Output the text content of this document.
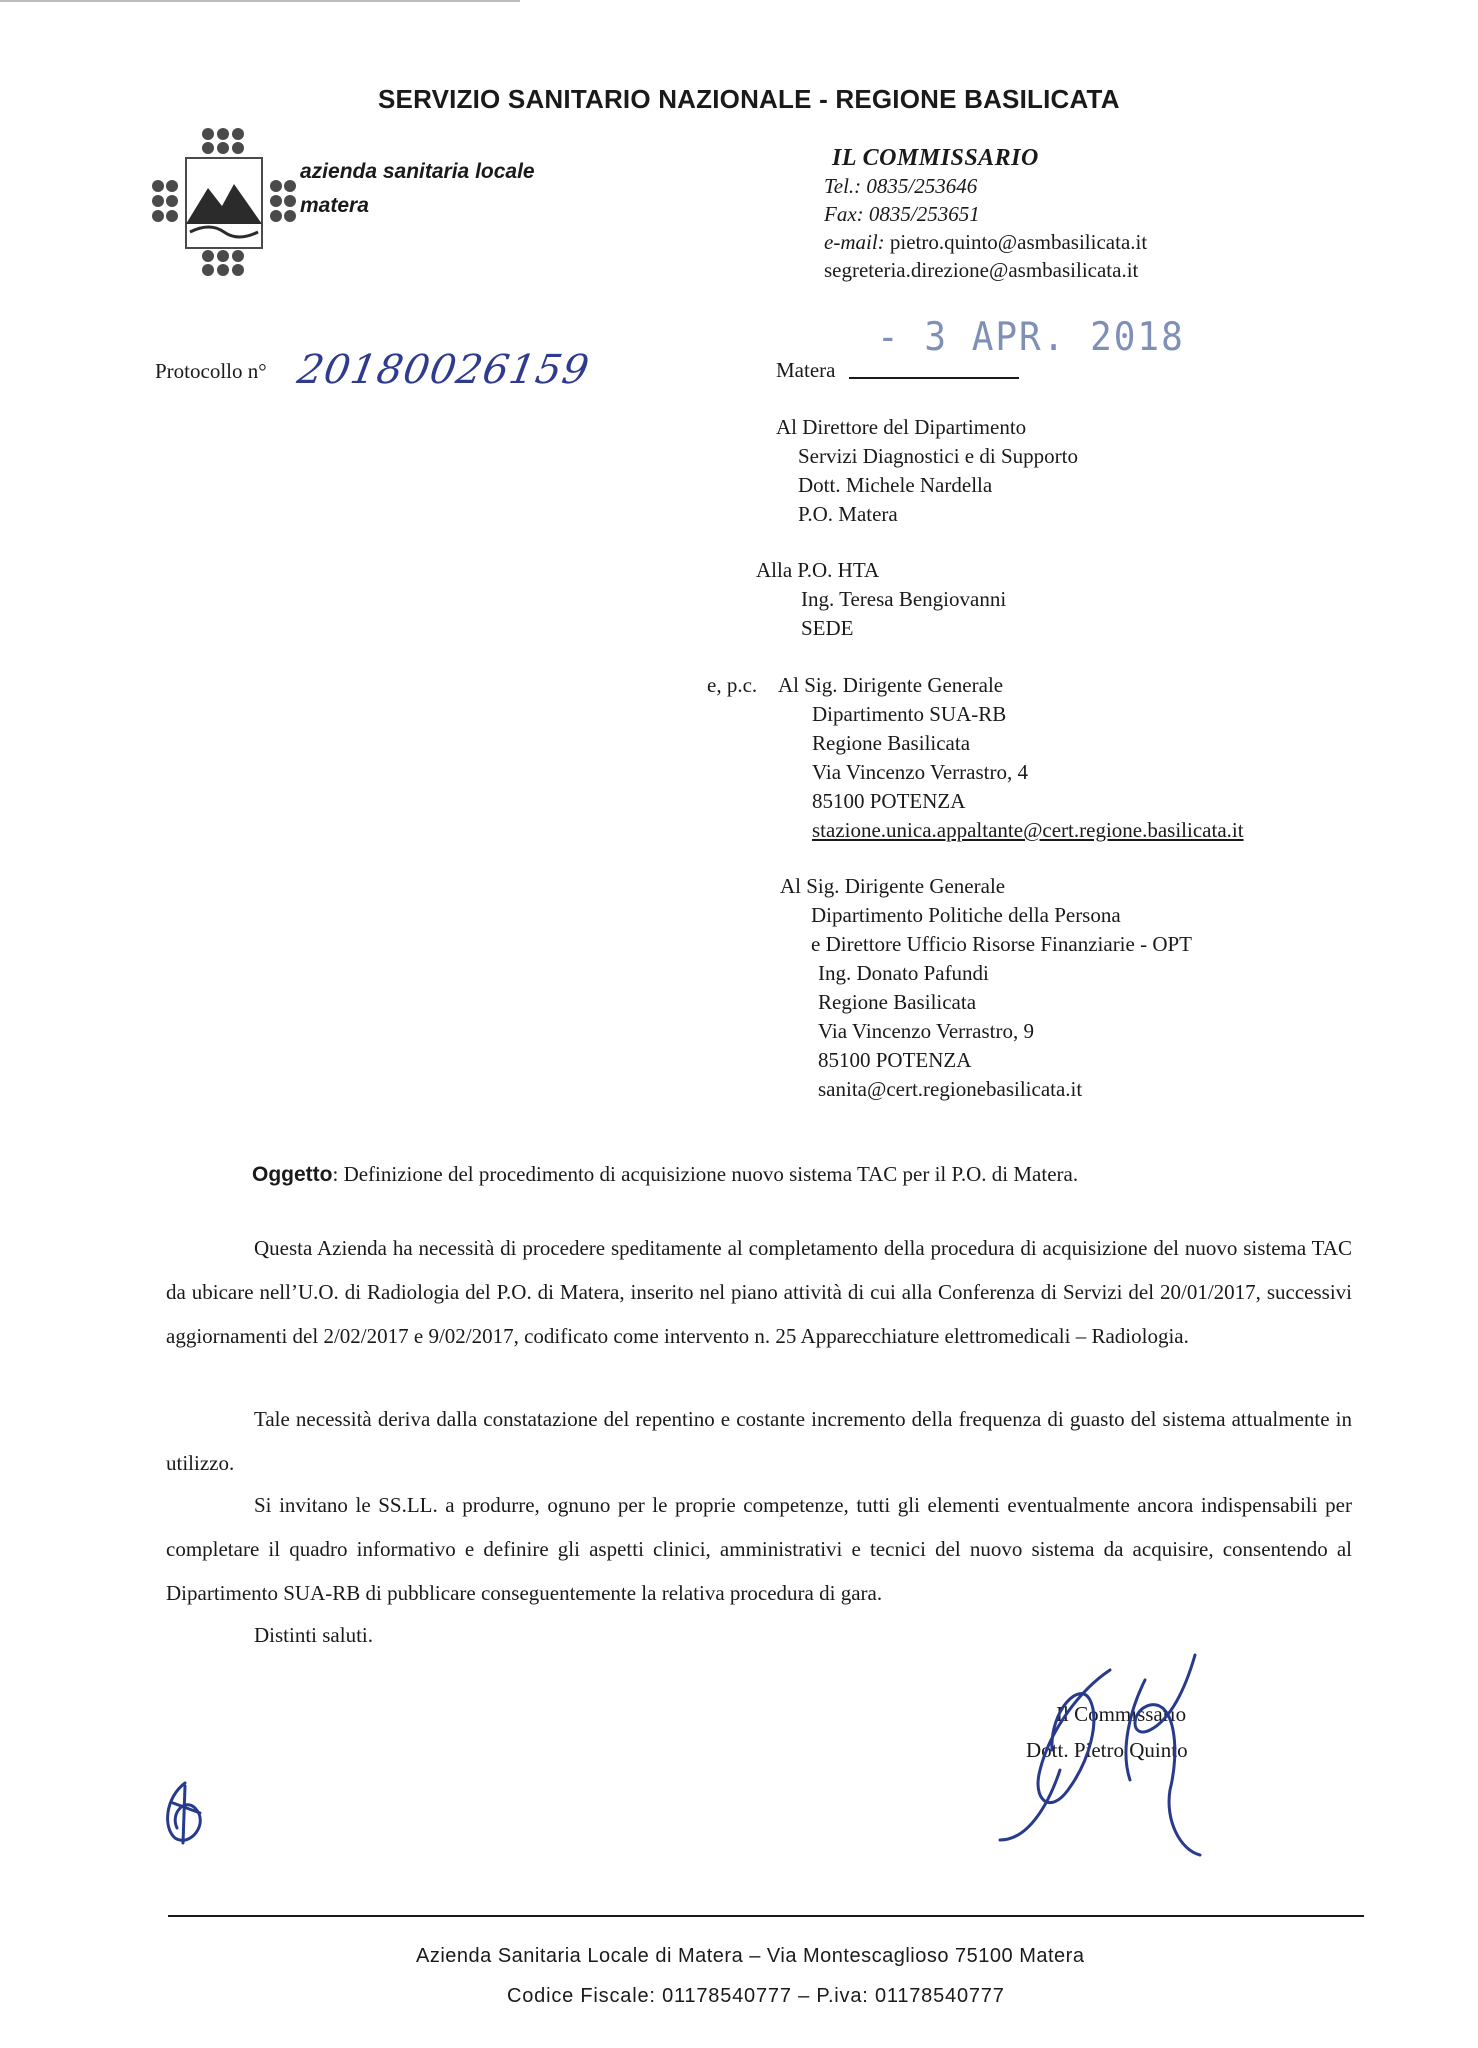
SERVIZIO SANITARIO NAZIONALE - REGIONE BASILICATA
azienda sanitaria locale
matera
IL COMMISSARIO
Tel.: 0835/253646
Fax: 0835/253651
e-mail: pietro.quinto@asmbasilicata.it
segreteria.direzione@asmbasilicata.it
Protocollo n° 20180026159
- 3 APR. 2018
Matera
Al Direttore del Dipartimento
Servizi Diagnostici e di Supporto
Dott. Michele Nardella
P.O. Matera
Alla P.O. HTA
Ing. Teresa Bengiovanni
SEDE
e, p.c. Al Sig. Dirigente Generale
Dipartimento SUA-RB
Regione Basilicata
Via Vincenzo Verrastro, 4
85100 POTENZA
stazione.unica.appaltante@cert.regione.basilicata.it
Al Sig. Dirigente Generale
Dipartimento Politiche della Persona
e Direttore Ufficio Risorse Finanziarie - OPT
Ing. Donato Pafundi
Regione Basilicata
Via Vincenzo Verrastro, 9
85100 POTENZA
sanita@cert.regionebasilicata.it
Oggetto: Definizione del procedimento di acquisizione nuovo sistema TAC per il P.O. di Matera.

Questa Azienda ha necessità di procedere speditamente al completamento della procedura di acquisizione del nuovo sistema TAC da ubicare nell’U.O. di Radiologia del P.O. di Matera, inserito nel piano attività di cui alla Conferenza di Servizi del 20/01/2017, successivi aggiornamenti del 2/02/2017 e 9/02/2017, codificato come intervento n. 25 Apparecchiature elettromedicali – Radiologia.

Tale necessità deriva dalla constatazione del repentino e costante incremento della frequenza di guasto del sistema attualmente in utilizzo.

Si invitano le SS.LL. a produrre, ognuno per le proprie competenze, tutti gli elementi eventualmente ancora indispensabili per completare il quadro informativo e definire gli aspetti clinici, amministrativi e tecnici del nuovo sistema da acquisire, consentendo al Dipartimento SUA-RB di pubblicare conseguentemente la relativa procedura di gara.

Distinti saluti.
Il Commissario
Dott. Pietro Quinto
Azienda Sanitaria Locale di Matera – Via Montescaglioso 75100 Matera
Codice Fiscale: 01178540777 – P.iva: 01178540777
